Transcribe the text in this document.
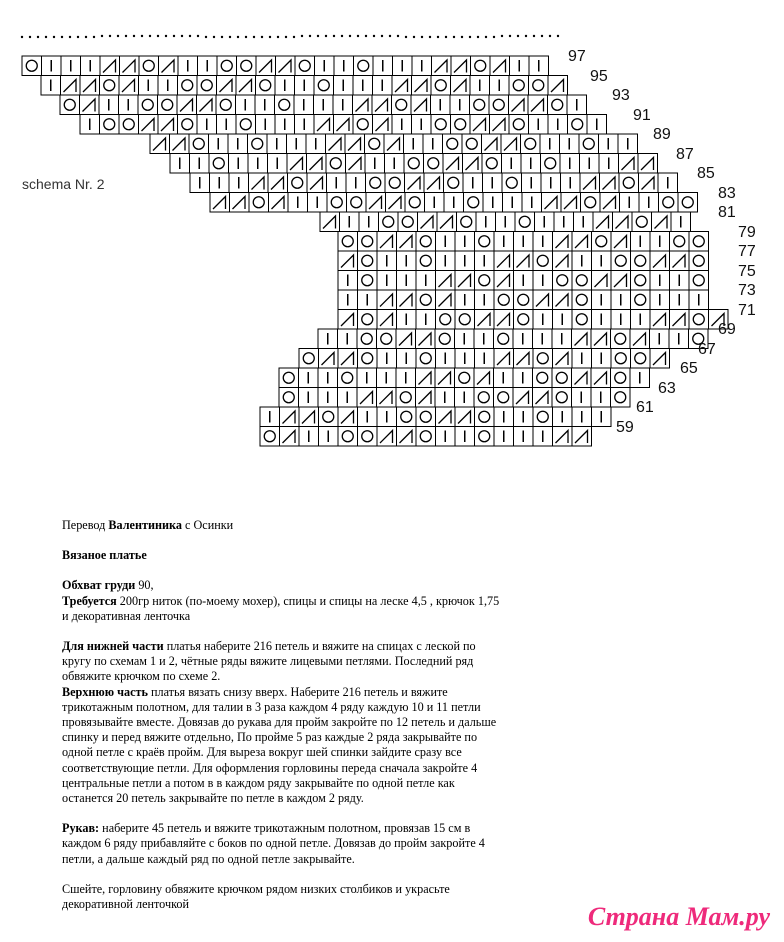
schema Nr. 2
97
95
93
91
89
87
85
83
81
79
77
75
73
71
69
67
65
63
61
59

Перевод Валентиника с Осинки

Вязаное платье

Обхват груди 90,

Требуется 200гр ниток (по-моему мохер), спицы и спицы на леске 4,5 , крючок 1,75 и декоративная ленточка

Для нижней части платья наберите 216 петель и вяжите на спицах с леской по кругу по схемам 1 и 2, чётные ряды вяжите лицевыми петлями. Последний ряд обвяжите крючком по схеме 2.

Верхнюю часть платья вязать снизу вверх. Наберите 216 петель и вяжите трикотажным полотном, для талии в 3 раза каждом 4 ряду каждую 10 и 11 петли провязывайте вместе. Довязав до рукава для пройм закройте по 12 петель и дальше спинку и перед вяжите отдельно, По пройме 5 раз каждые 2 ряда закрывайте по одной петле с краёв пройм. Для выреза вокруг шей спинки зайдите сразу все соответствующие петли. Для оформления горловины переда сначала закройте 4 центральные петли а потом в в каждом ряду закрывайте по одной петле как останется 20 петель закрывайте по петле в каждом 2 ряду.

Рукав: наберите 45 петель и вяжите трикотажным полотном, провязав 15 см в каждом 6 ряду прибавляйте с боков по одной петле. Довязав до пройм закройте 4 петли, а дальше каждый ряд по одной петле закрывайте.

Сшейте, горловину обвяжите крючком рядом низких столбиков и украсьте декоративной ленточкой	Страна Мам.ру
